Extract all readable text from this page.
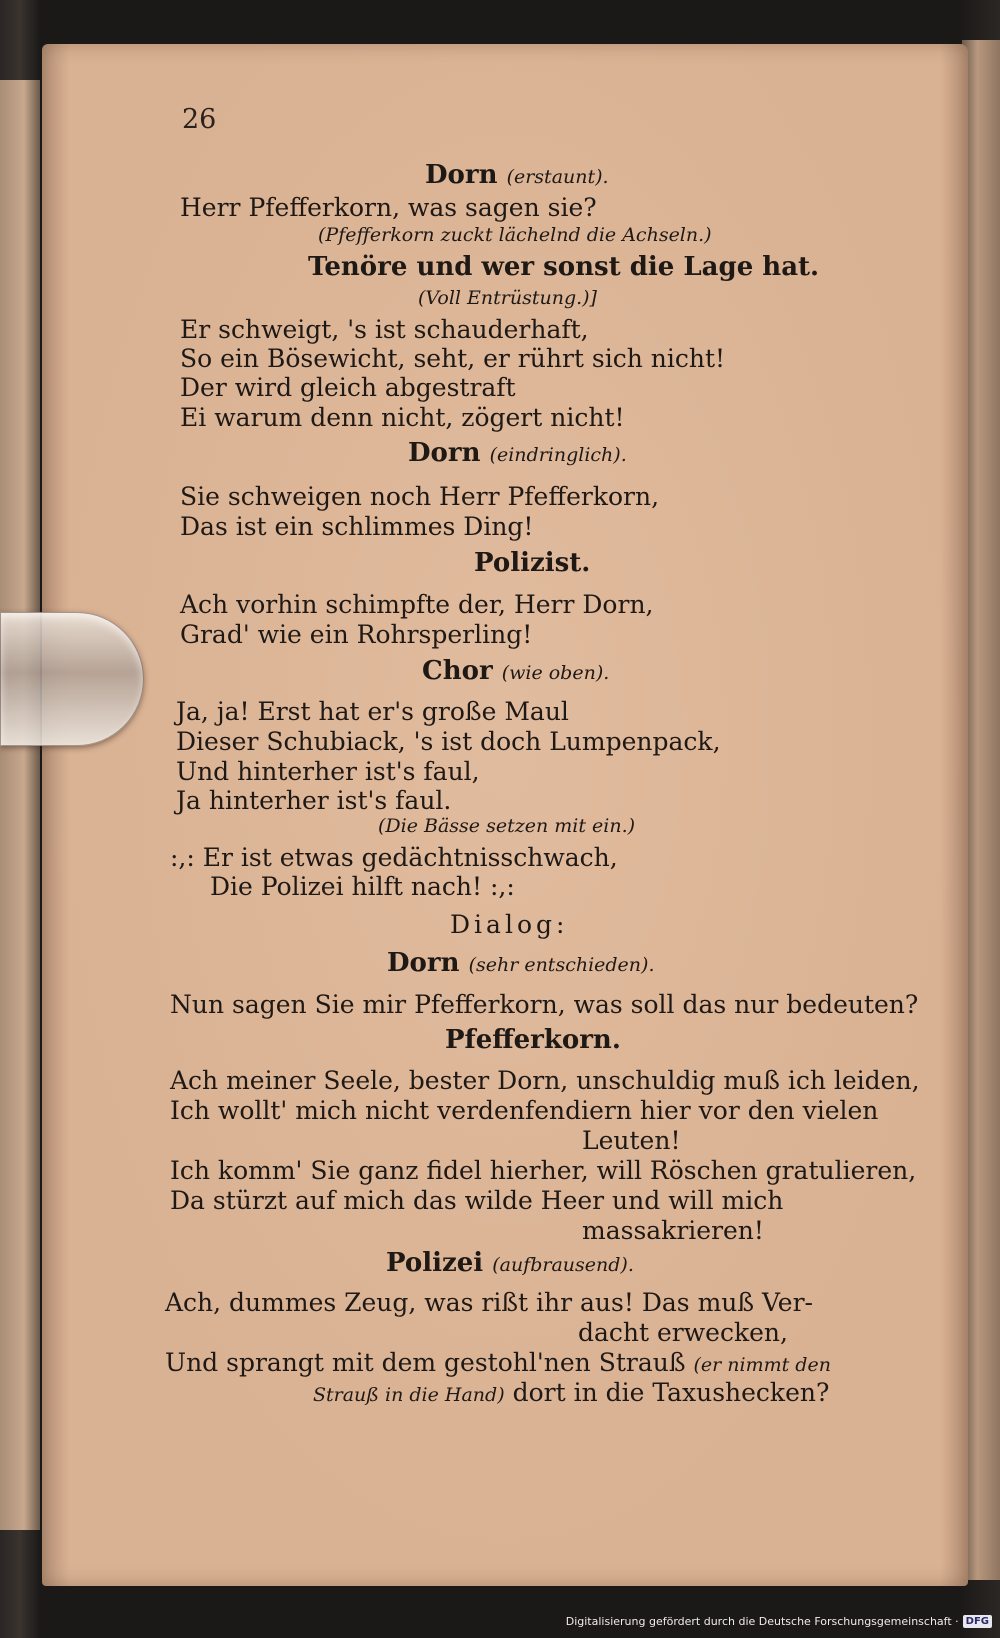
26
Dorn (erstaunt).
Herr Pfefferkorn, was sagen sie?
(Pfefferkorn zuckt lächelnd die Achseln.)
Tenöre und wer sonst die Lage hat.
(Voll Entrüstung.)]
Er schweigt, 's ist schauderhaft,
So ein Bösewicht, seht, er rührt sich nicht!
Der wird gleich abgestraft
Ei warum denn nicht, zögert nicht!
Dorn (eindringlich).
Sie schweigen noch Herr Pfefferkorn,
Das ist ein schlimmes Ding!
Polizist.
Ach vorhin schimpfte der, Herr Dorn,
Grad' wie ein Rohrsperling!
Chor (wie oben).
Ja, ja! Erst hat er's große Maul
Dieser Schubiack, 's ist doch Lumpenpack,
Und hinterher ist's faul,
Ja hinterher ist's faul.
(Die Bässe setzen mit ein.)
:,: Er ist etwas gedächtnisschwach,
Die Polizei hilft nach! :,:
Dialog:
Dorn (sehr entschieden).
Nun sagen Sie mir Pfefferkorn, was soll das nur bedeuten?
Pfefferkorn.
Ach meiner Seele, bester Dorn, unschuldig muß ich leiden,
Ich wollt' mich nicht verdenfendiern hier vor den vielen
Leuten!
Ich komm' Sie ganz fidel hierher, will Röschen gratulieren,
Da stürzt auf mich das wilde Heer und will mich
massakrieren!
Polizei (aufbrausend).
Ach, dummes Zeug, was rißt ihr aus! Das muß Ver-
dacht erwecken,
Und sprangt mit dem gestohl'nen Strauß (er nimmt den
Strauß in die Hand) dort in die Taxushecken?
Digitalisierung gefördert durch die Deutsche Forschungsgemeinschaft · DFG
